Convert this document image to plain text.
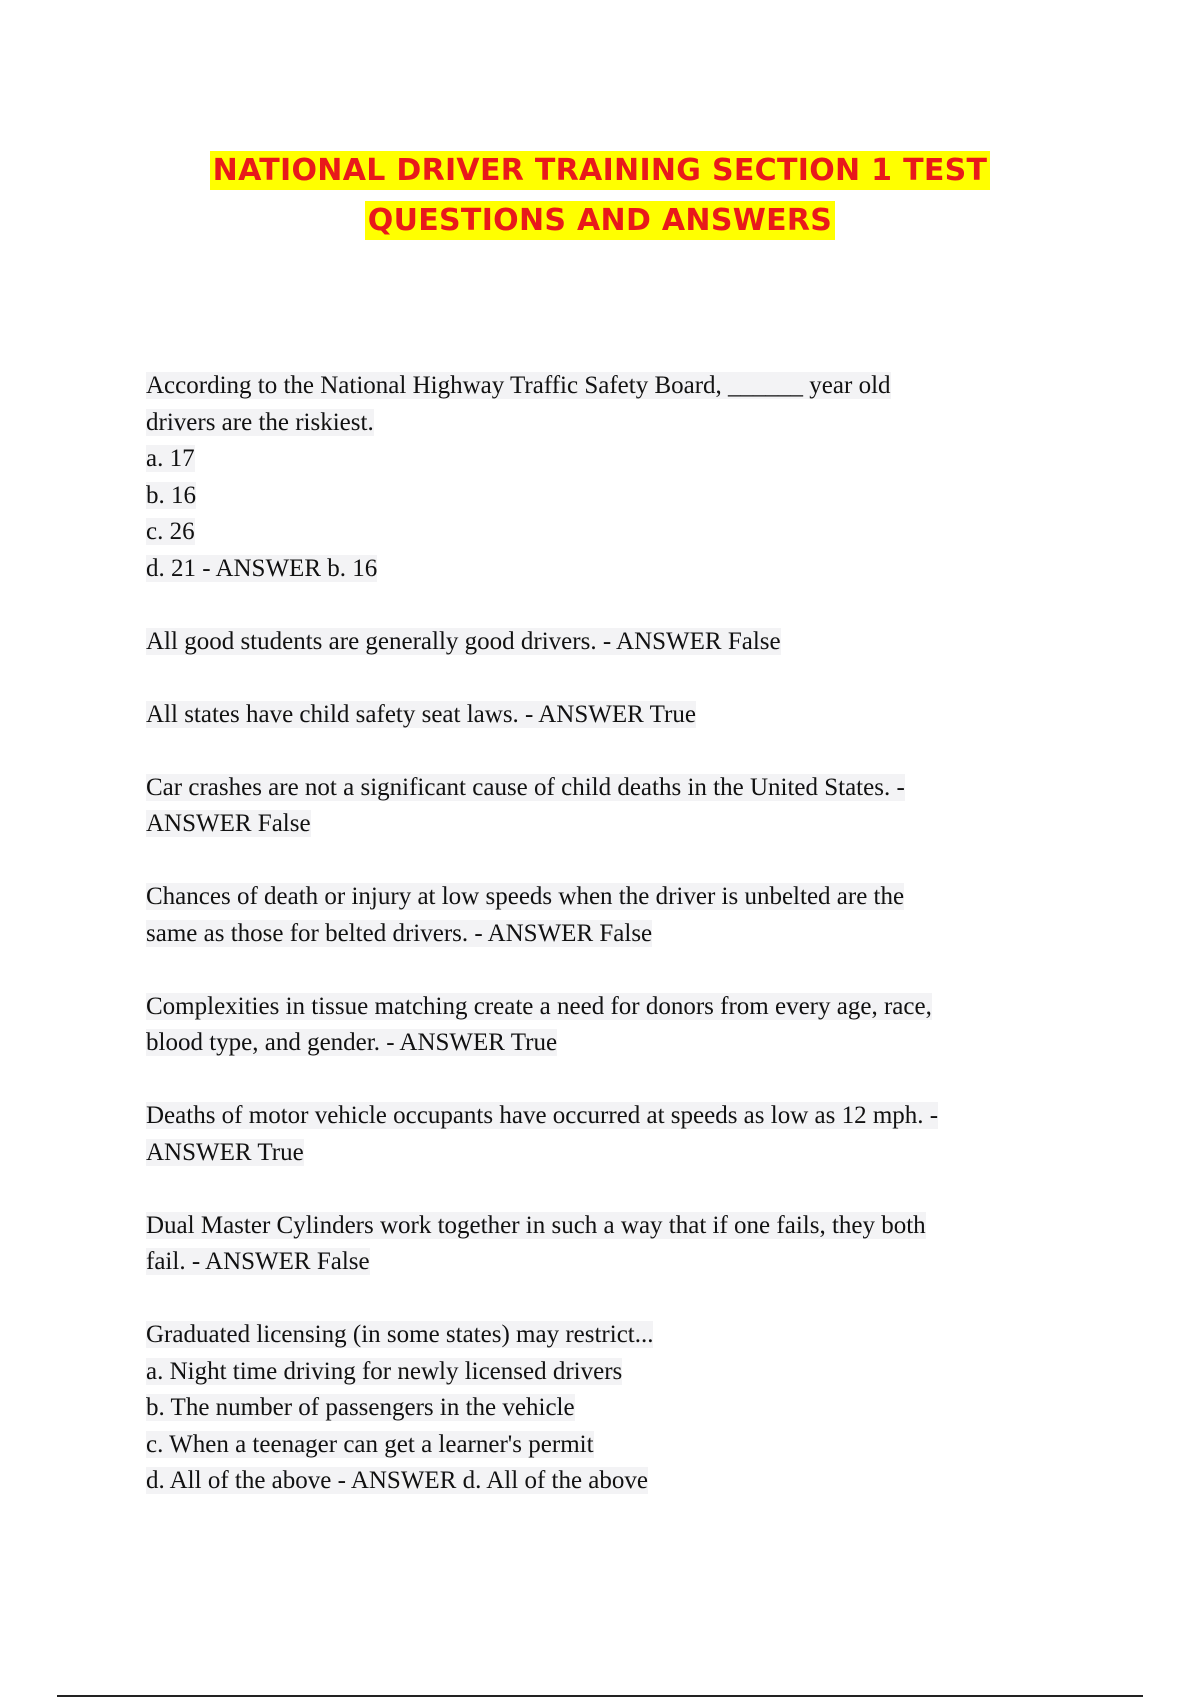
NATIONAL DRIVER TRAINING SECTION 1 TEST
QUESTIONS AND ANSWERS
According to the National Highway Traffic Safety Board, ______ year old
drivers are the riskiest.
a. 17
b. 16
c. 26
d. 21 - ANSWER b. 16
All good students are generally good drivers. - ANSWER False
All states have child safety seat laws. - ANSWER True
Car crashes are not a significant cause of child deaths in the United States. -
ANSWER False
Chances of death or injury at low speeds when the driver is unbelted are the
same as those for belted drivers. - ANSWER False
Complexities in tissue matching create a need for donors from every age, race,
blood type, and gender. - ANSWER True
Deaths of motor vehicle occupants have occurred at speeds as low as 12 mph. -
ANSWER True
Dual Master Cylinders work together in such a way that if one fails, they both
fail. - ANSWER False
Graduated licensing (in some states) may restrict...
a. Night time driving for newly licensed drivers
b. The number of passengers in the vehicle
c. When a teenager can get a learner's permit
d. All of the above - ANSWER d. All of the above
